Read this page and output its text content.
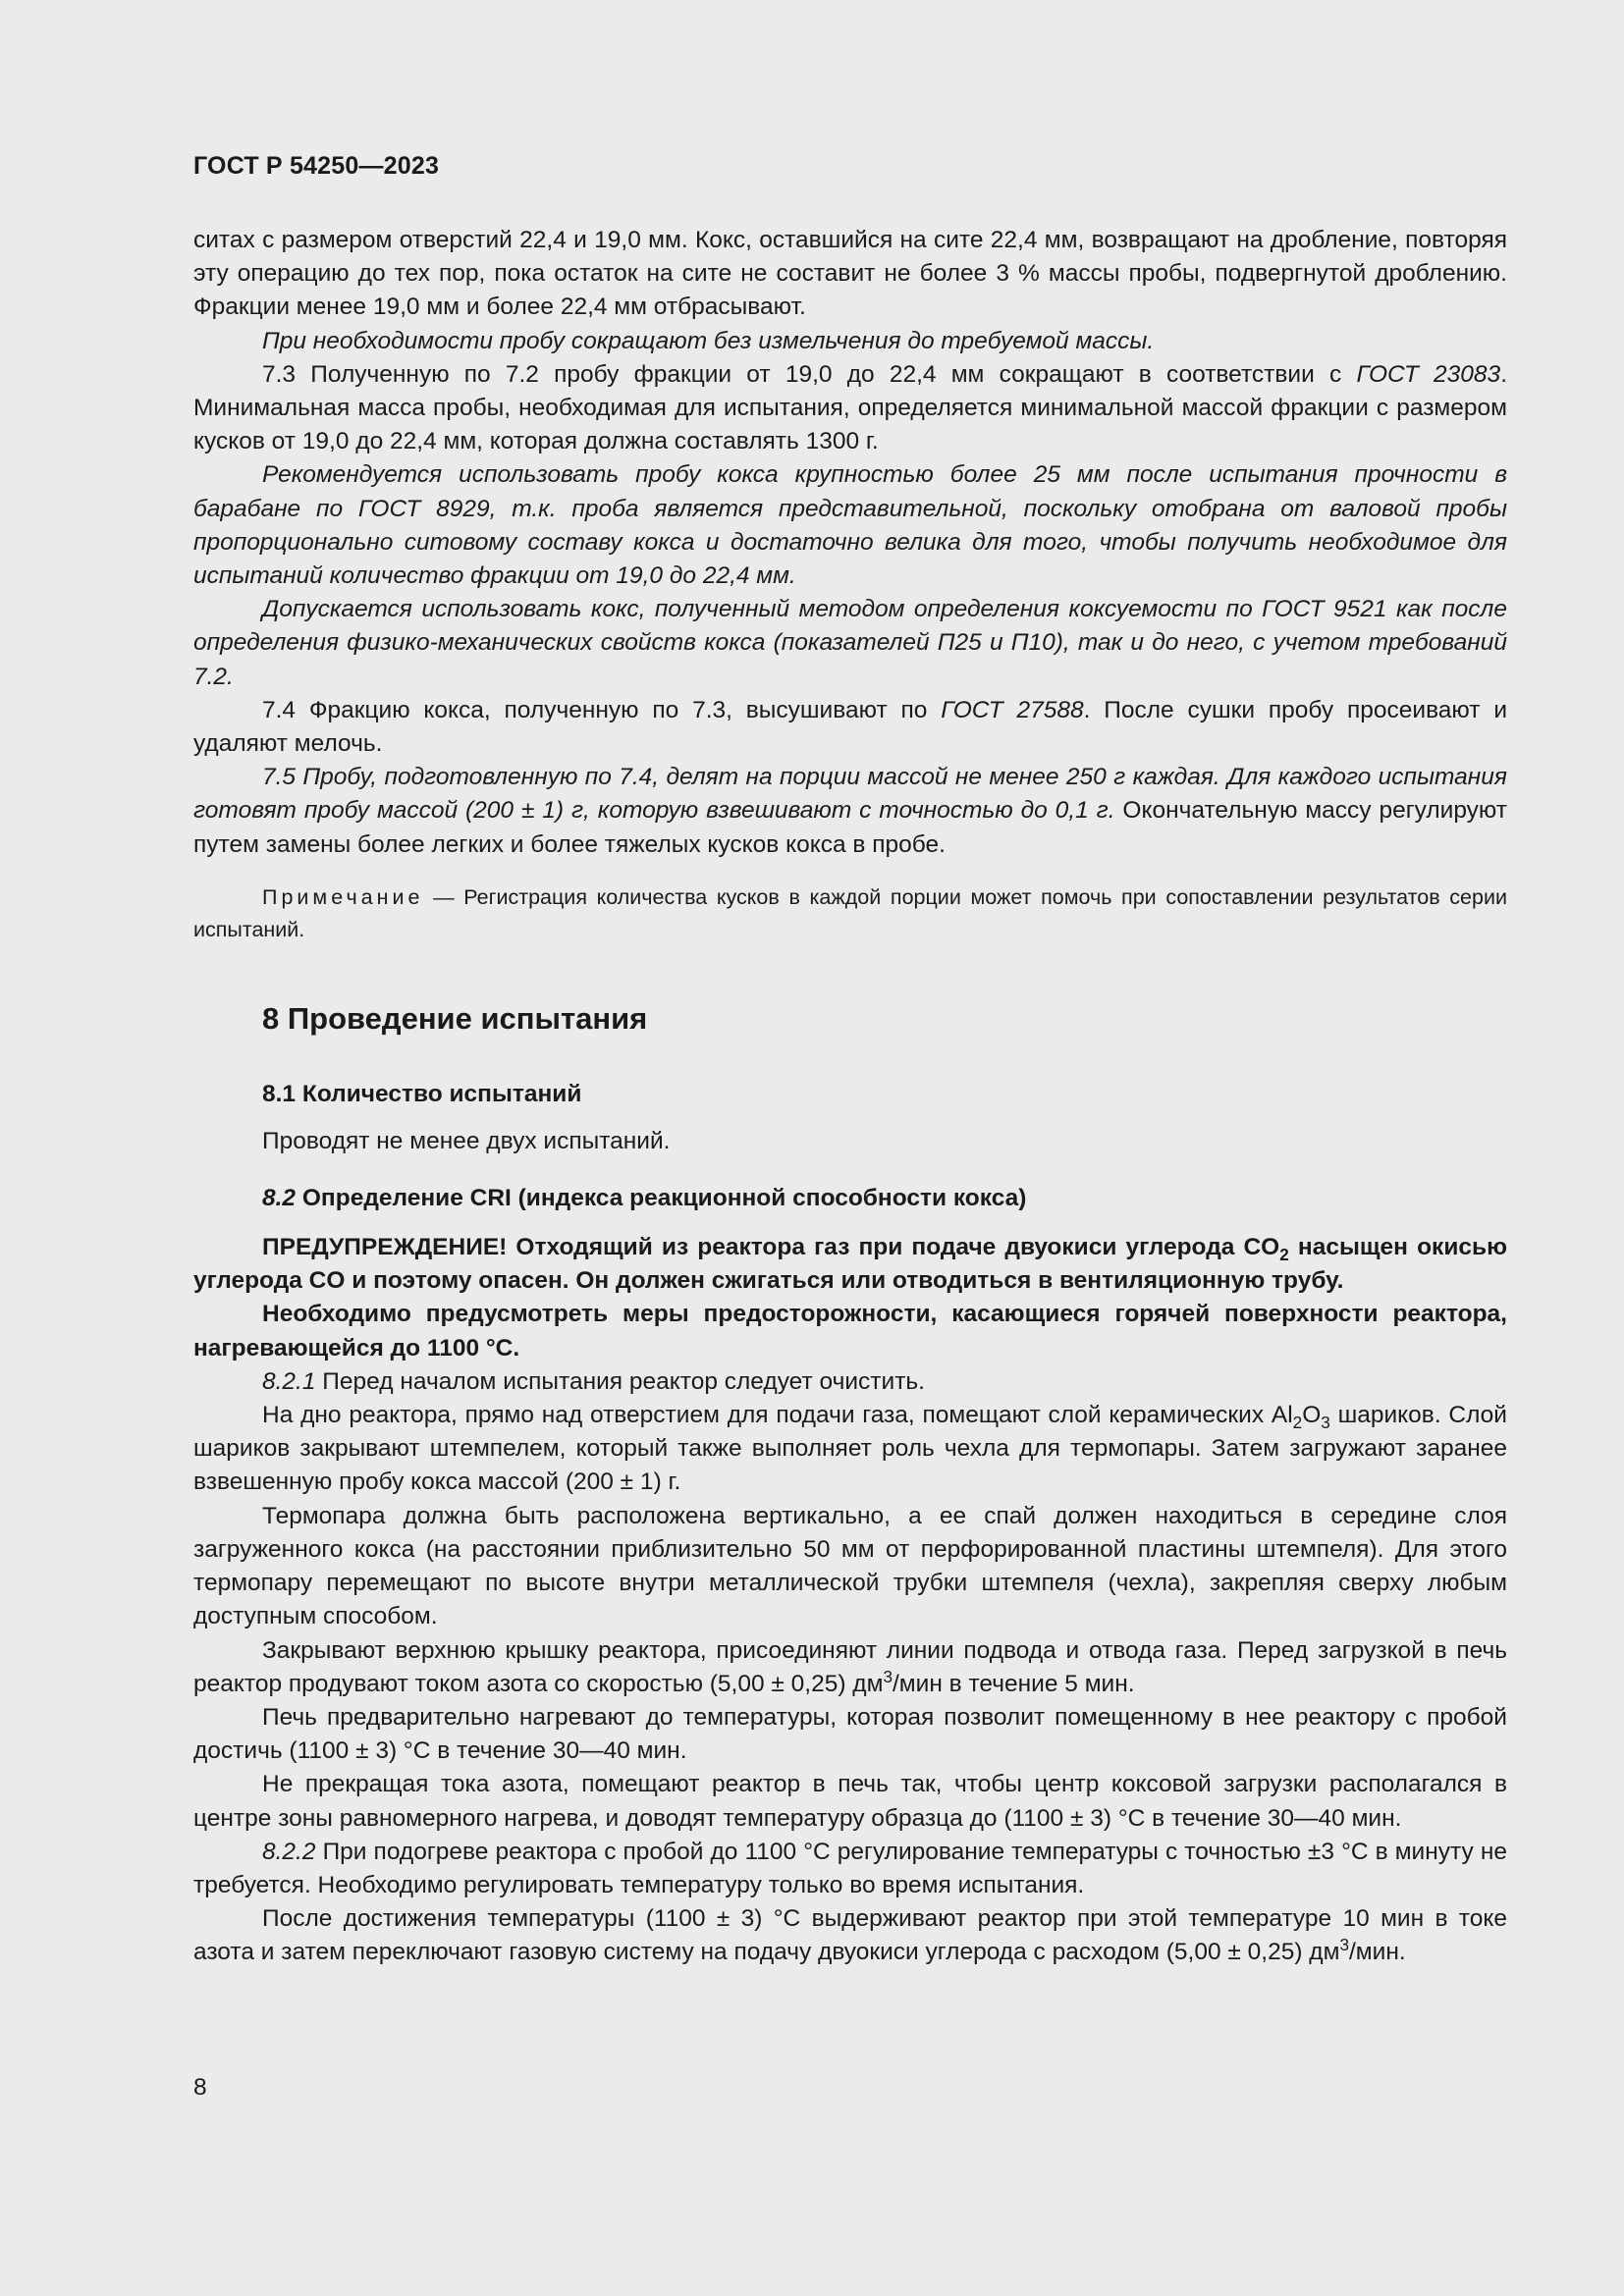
ГОСТ Р 54250—2023

ситах с размером отверстий 22,4 и 19,0 мм. Кокс, оставшийся на сите 22,4 мм, возвращают на дробление, повторяя эту операцию до тех пор, пока остаток на сите не составит не более 3 % массы пробы, подвергнутой дроблению. Фракции менее 19,0 мм и более 22,4 мм отбрасывают.

При необходимости пробу сокращают без измельчения до требуемой массы.

7.3 Полученную по 7.2 пробу фракции от 19,0 до 22,4 мм сокращают в соответствии с ГОСТ 23083. Минимальная масса пробы, необходимая для испытания, определяется минимальной массой фракции с размером кусков от 19,0 до 22,4 мм, которая должна составлять 1300 г.

Рекомендуется использовать пробу кокса крупностью более 25 мм после испытания прочности в барабане по ГОСТ 8929, т.к. проба является представительной, поскольку отобрана от валовой пробы пропорционально ситовому составу кокса и достаточно велика для того, чтобы получить необходимое для испытаний количество фракции от 19,0 до 22,4 мм.

Допускается использовать кокс, полученный методом определения коксуемости по ГОСТ 9521 как после определения физико-механических свойств кокса (показателей П25 и П10), так и до него, с учетом требований 7.2.

7.4 Фракцию кокса, полученную по 7.3, высушивают по ГОСТ 27588. После сушки пробу просеивают и удаляют мелочь.

7.5 Пробу, подготовленную по 7.4, делят на порции массой не менее 250 г каждая. Для каждого испытания готовят пробу массой (200 ± 1) г, которую взвешивают с точностью до 0,1 г. Окончательную массу регулируют путем замены более легких и более тяжелых кусков кокса в пробе.

Примечание — Регистрация количества кусков в каждой порции может помочь при сопоставлении результатов серии испытаний.

8 Проведение испытания
8.1 Количество испытаний

Проводят не менее двух испытаний.

8.2 Определение CRI (индекса реакционной способности кокса)

ПРЕДУПРЕЖДЕНИЕ! Отходящий из реактора газ при подаче двуокиси углерода $CO_2$ насыщен окисью углерода CO и поэтому опасен. Он должен сжигаться или отводиться в вентиляционную трубу.

Необходимо предусмотреть меры предосторожности, касающиеся горячей поверхности реактора, нагревающейся до 1100 °С.

8.2.1 Перед началом испытания реактор следует очистить.

На дно реактора, прямо над отверстием для подачи газа, помещают слой керамических $Al_2O_3$ шариков. Слой шариков закрывают штемпелем, который также выполняет роль чехла для термопары. Затем загружают заранее взвешенную пробу кокса массой (200 ± 1) г.

Термопара должна быть расположена вертикально, а ее спай должен находиться в середине слоя загруженного кокса (на расстоянии приблизительно 50 мм от перфорированной пластины штемпеля). Для этого термопару перемещают по высоте внутри металлической трубки штемпеля (чехла), закрепляя сверху любым доступным способом.

Закрывают верхнюю крышку реактора, присоединяют линии подвода и отвода газа. Перед загрузкой в печь реактор продувают током азота со скоростью (5,00 ± 0,25) $дм^3$/мин в течение 5 мин.

Печь предварительно нагревают до температуры, которая позволит помещенному в нее реактору с пробой достичь (1100 ± 3) °С в течение 30—40 мин.

Не прекращая тока азота, помещают реактор в печь так, чтобы центр коксовой загрузки располагался в центре зоны равномерного нагрева, и доводят температуру образца до (1100 ± 3) °С в течение 30—40 мин.

8.2.2 При подогреве реактора с пробой до 1100 °С регулирование температуры с точностью ±3 °С в минуту не требуется. Необходимо регулировать температуру только во время испытания.

После достижения температуры (1100 ± 3) °С выдерживают реактор при этой температуре 10 мин в токе азота и затем переключают газовую систему на подачу двуокиси углерода с расходом (5,00 ± 0,25) $дм^3$/мин.

8
